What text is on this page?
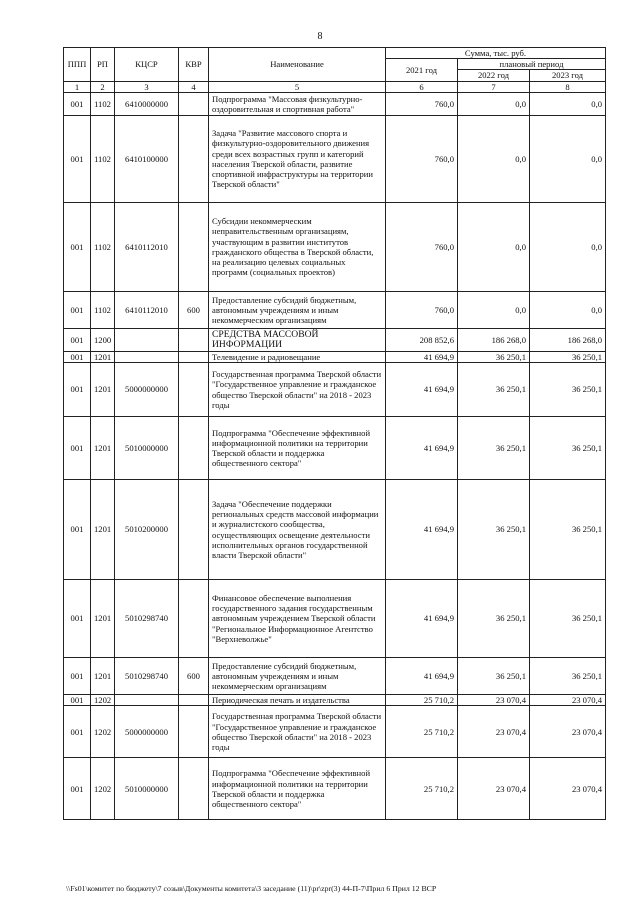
8
ППП	РП	КЦСР	КВР	Наименование	Сумма, тыс. руб.		
					2021 год	плановый период	
						2022 год	2023 год
1	2	3	4	5	6	7	8
001	1102	6410000000		Подпрограмма "Массовая физкультурно-оздоровительная и спортивная работа"	760,0	0,0	0,0
001	1102	6410100000		Задача "Развитие массового спорта и физкультурно-оздоровительного движения среди всех возрастных групп и категорий населения Тверской области, развитие спортивной инфраструктуры на территории Тверской области"	760,0	0,0	0,0
001	1102	6410112010		Субсидии некоммерческим неправительственным организациям, участвующим в развитии институтов гражданского общества в Тверской области, на реализацию целевых социальных программ (социальных проектов)	760,0	0,0	0,0
001	1102	6410112010	600	Предоставление субсидий бюджетным, автономным учреждениям и иным некоммерческим организациям	760,0	0,0	0,0
001	1200			СРЕДСТВА МАССОВОЙ ИНФОРМАЦИИ	208 852,6	186 268,0	186 268,0
001	1201			Телевидение и радиовещание	41 694,9	36 250,1	36 250,1
001	1201	5000000000		Государственная программа Тверской области "Государственное управление и гражданское общество Тверской области" на 2018 - 2023 годы	41 694,9	36 250,1	36 250,1
001	1201	5010000000		Подпрограмма "Обеспечение эффективной информационной политики на территории Тверской области и поддержка общественного сектора"	41 694,9	36 250,1	36 250,1
001	1201	5010200000		Задача "Обеспечение поддержки региональных средств массовой информации и журналистского сообщества, осуществляющих освещение деятельности исполнительных органов государственной власти Тверской области"	41 694,9	36 250,1	36 250,1
001	1201	5010298740		Финансовое обеспечение выполнения государственного задания государственным автономным учреждением Тверской области "Региональное Информационное Агентство "Верхневолжье"	41 694,9	36 250,1	36 250,1
001	1201	5010298740	600	Предоставление субсидий бюджетным, автономным учреждениям и иным некоммерческим организациям	41 694,9	36 250,1	36 250,1
001	1202			Периодическая печать и издательства	25 710,2	23 070,4	23 070,4
001	1202	5000000000		Государственная программа Тверской области "Государственное управление и гражданское общество Тверской области" на 2018 - 2023 годы	25 710,2	23 070,4	23 070,4
001	1202	5010000000		Подпрограмма "Обеспечение эффективной информационной политики на территории Тверской области и поддержка общественного сектора"	25 710,2	23 070,4	23 070,4
\\Fs01\комитет по бюджету\7 созыв\Документы комитета\3 заседание (11)\pr\zpr(3) 44-П-7\Прил 6 Прил 12 ВСР
